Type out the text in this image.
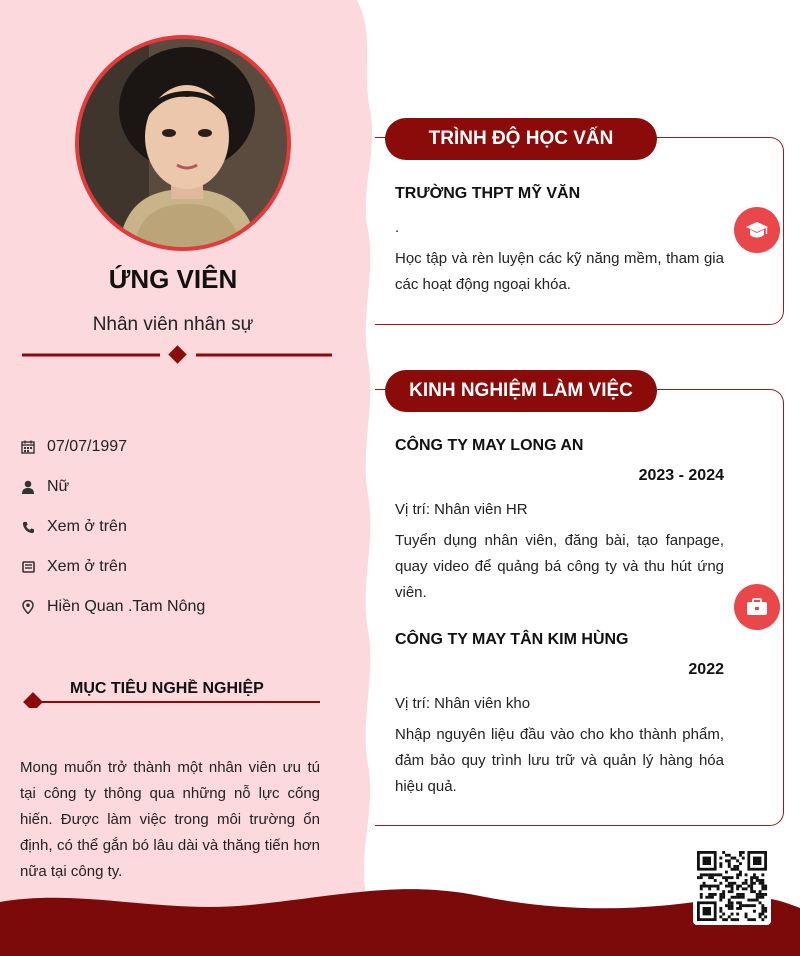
ỨNG VIÊN
Nhân viên nhân sự
07/07/1997
Nữ
Xem ở trên
Xem ở trên
Hiền Quan .Tam Nông
MỤC TIÊU NGHỀ NGHIỆP
Mong muốn trở thành một nhân viên ưu tú tại công ty thông qua những nỗ lực cống hiến. Được làm việc trong môi trường ổn định, có thể gắn bó lâu dài và thăng tiến hơn nữa tại công ty.
TRÌNH ĐỘ HỌC VẤN
TRƯỜNG THPT MỸ VĂN
.
Học tập và rèn luyện các kỹ năng mềm, tham gia các hoạt động ngoại khóa.
KINH NGHIỆM LÀM VIỆC
CÔNG TY MAY LONG AN
2023 - 2024
Vị trí: Nhân viên HR
Tuyển dụng nhân viên, đăng bài, tạo fanpage, quay video để quảng bá công ty và thu hút ứng viên.
CÔNG TY MAY TÂN KIM HÙNG
2022
Vị trí: Nhân viên kho
Nhập nguyên liệu đầu vào cho kho thành phẩm, đảm bảo quy trình lưu trữ và quản lý hàng hóa hiệu quả.
